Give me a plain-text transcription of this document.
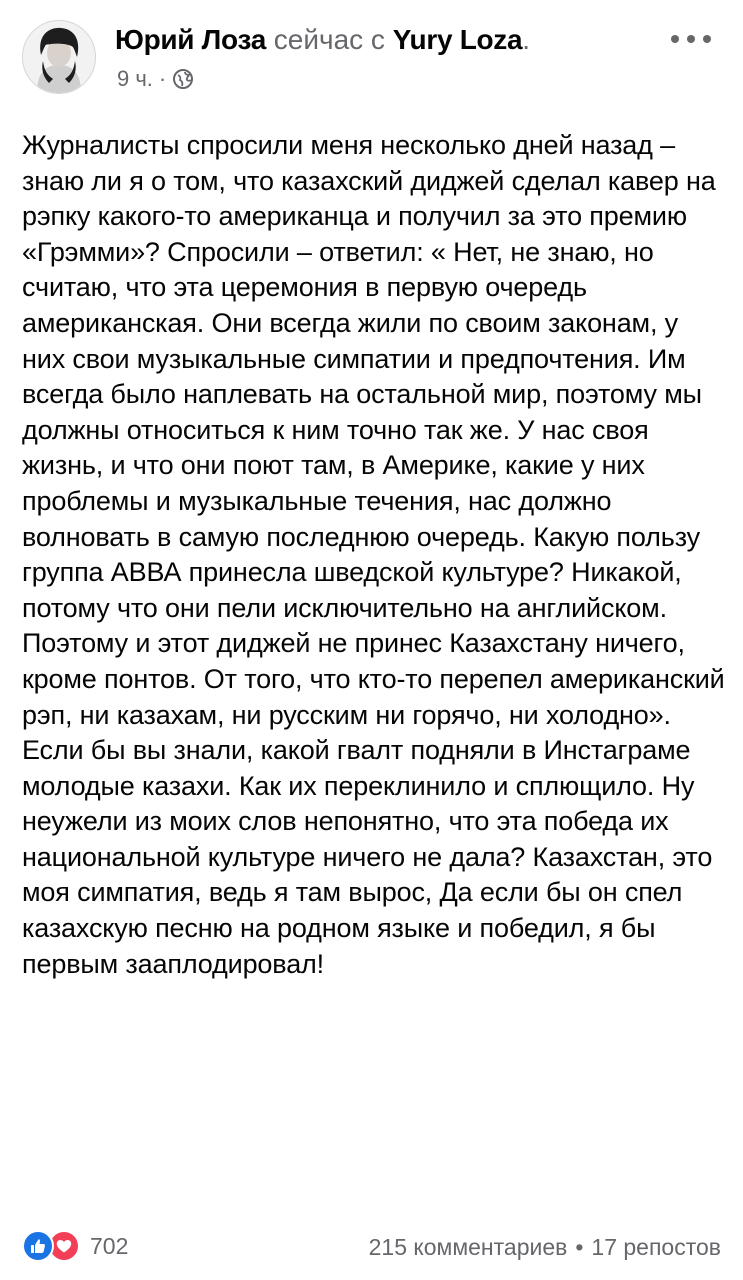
Юрий Лоза сейчас с Yury Loza.
9 ч. ·

Журналисты спросили меня несколько дней назад – знаю ли я о том, что казахский диджей сделал кавер на рэпку какого-то американца и получил за это премию «Грэмми»? Спросили – ответил: « Нет, не знаю, но считаю, что эта церемония в первую очередь американская. Они всегда жили по своим законам, у них свои музыкальные симпатии и предпочтения. Им всегда было наплевать на остальной мир, поэтому мы должны относиться к ним точно так же. У нас своя жизнь, и что они поют там, в Америке, какие у них проблемы и музыкальные течения, нас должно волновать в самую последнюю очередь. Какую пользу группа АВВА принесла шведской культуре? Никакой, потому что они пели исключительно на английском. Поэтому и этот диджей не принес Казахстану ничего, кроме понтов. От того, что кто-то перепел американский рэп, ни казахам, ни русским ни горячо, ни холодно».

Если бы вы знали, какой гвалт подняли в Инстаграме молодые казахи. Как их переклинило и сплющило. Ну неужели из моих слов непонятно, что эта победа их национальной культуре ничего не дала? Казахстан, это моя симпатия, ведь я там вырос, Да если бы он спел казахскую песню на родном языке и победил, я бы первым зааплодировал!

702	215 комментариев • 17 репостов
